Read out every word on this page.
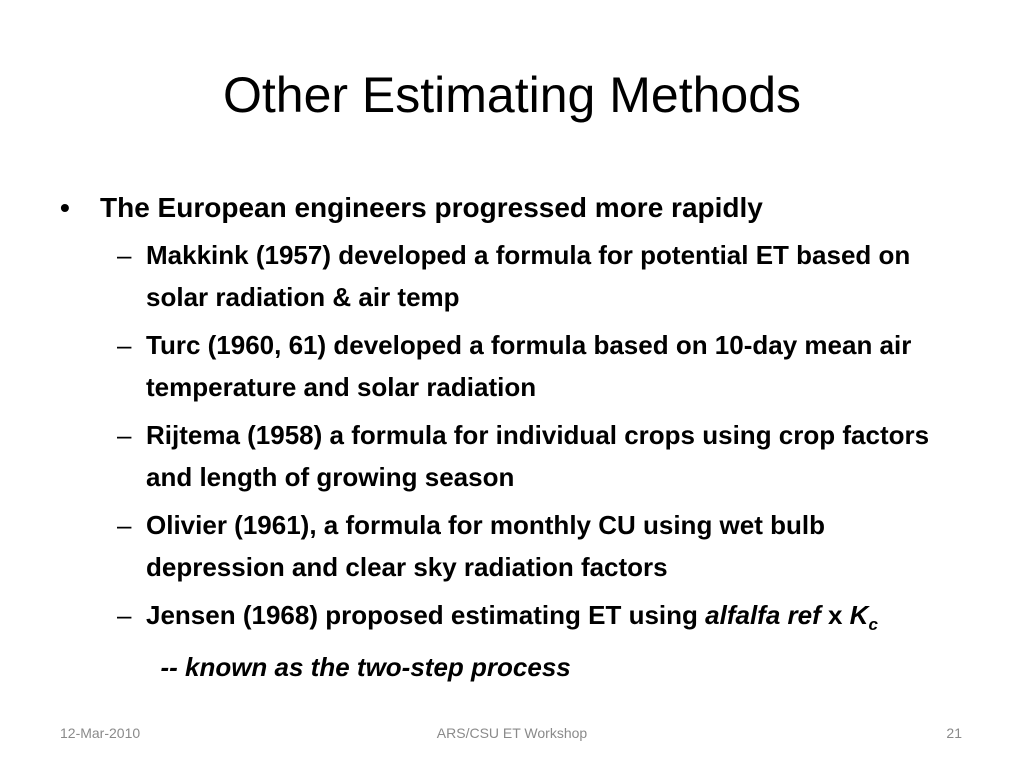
Other Estimating Methods
• The European engineers progressed more rapidly
– Makkink (1957) developed a formula for potential ET based on solar radiation & air temp
– Turc (1960, 61) developed a formula based on 10-day mean air temperature and solar radiation
– Rijtema (1958) a formula for individual crops using crop factors and length of growing season
– Olivier (1961), a formula for monthly CU using wet bulb depression and clear sky radiation factors
– Jensen (1968) proposed estimating ET using alfalfa ref x $K_c$  -- known as the two-step process
12-Mar-2010	ARS/CSU ET Workshop	21
